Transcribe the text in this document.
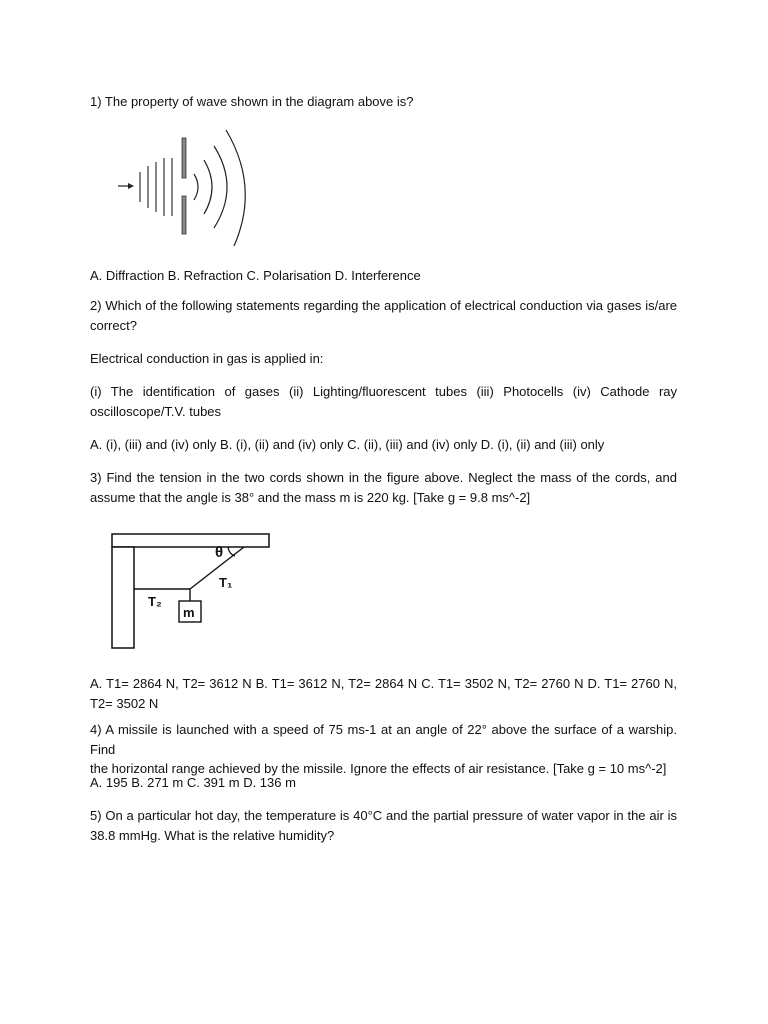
1) The property of wave shown in the diagram above is?

A. Diffraction B. Refraction C. Polarisation D. Interference

2) Which of the following statements regarding the application of electrical conduction via gases is/are
correct?

Electrical conduction in gas is applied in:

(i) The identification of gases (ii) Lighting/fluorescent tubes (iii) Photocells (iv) Cathode ray
oscilloscope/T.V. tubes

A. (i), (iii) and (iv) only B. (i), (ii) and (iv) only C. (ii), (iii) and (iv) only D. (i), (ii) and (iii) only

3) Find the tension in the two cords shown in the figure above. Neglect the mass of the cords, and
assume that the angle is 38° and the mass m is 220 kg. [Take g = 9.8 ms^-2]
A. T1= 2864 N, T2= 3612 N B. T1= 3612 N, T2= 2864 N C. T1= 3502 N, T2= 2760 N D. T1= 2760 N,
T2= 3502 N
4) A missile is launched with a speed of 75 ms-1 at an angle of 22° above the surface of a warship. Find
the horizontal range achieved by the missile. Ignore the effects of air resistance. [Take g = 10 ms^-2]

A. 195 B. 271 m C. 391 m D. 136 m

5) On a particular hot day, the temperature is 40°C and the partial pressure of water vapor in the air is
38.8 mmHg. What is the relative humidity?
θ
T₁
T₂
m
